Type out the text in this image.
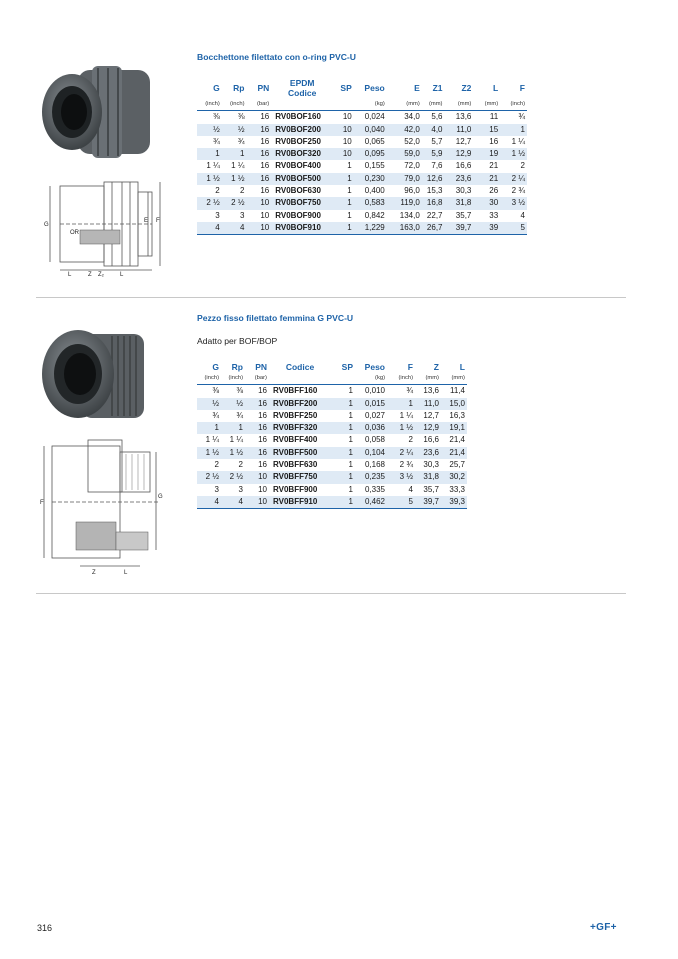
Bocchettone filettato con o-ring PVC-U
G
OR
F
E
L	Z Z₂	L
G	Rp	PN	EPDM
Codice	SP	Peso	E	Z1	Z2	L	F
(inch)	(inch)	(bar)			(kg)	(mm)	(mm)	(mm)	(mm)	(inch)
⅜	⅜	16	RV0BOF160	10	0,024	34,0	5,6	13,6	11	¾
½	½	16	RV0BOF200	10	0,040	42,0	4,0	11,0	15	1
¾	¾	16	RV0BOF250	10	0,065	52,0	5,7	12,7	16	1 ¼
1	1	16	RV0BOF320	10	0,095	59,0	5,9	12,9	19	1 ½
1 ¼	1 ¼	16	RV0BOF400	1	0,155	72,0	7,6	16,6	21	2
1 ½	1 ½	16	RV0BOF500	1	0,230	79,0	12,6	23,6	21	2 ¼
2	2	16	RV0BOF630	1	0,400	96,0	15,3	30,3	26	2 ¾
2 ½	2 ½	10	RV0BOF750	1	0,583	119,0	16,8	31,8	30	3 ½
3	3	10	RV0BOF900	1	0,842	134,0	22,7	35,7	33	4
4	4	10	RV0BOF910	1	1,229	163,0	26,7	39,7	39	5
Pezzo fisso filettato femmina G PVC-U
Adatto per BOF/BOP
F
G
Z	L
G	Rp	PN	Codice	SP	Peso	F	Z	L
(inch)	(inch)	(bar)			(kg)	(inch)	(mm)	(mm)
⅜	⅜	16	RV0BFF160	1	0,010	¾	13,6	11,4
½	½	16	RV0BFF200	1	0,015	1	11,0	15,0
¾	¾	16	RV0BFF250	1	0,027	1 ¼	12,7	16,3
1	1	16	RV0BFF320	1	0,036	1 ½	12,9	19,1
1 ¼	1 ¼	16	RV0BFF400	1	0,058	2	16,6	21,4
1 ½	1 ½	16	RV0BFF500	1	0,104	2 ¼	23,6	21,4
2	2	16	RV0BFF630	1	0,168	2 ¾	30,3	25,7
2 ½	2 ½	10	RV0BFF750	1	0,235	3 ½	31,8	30,2
3	3	10	RV0BFF900	1	0,335	4	35,7	33,3
4	4	10	RV0BFF910	1	0,462	5	39,7	39,3
316	+GF+
